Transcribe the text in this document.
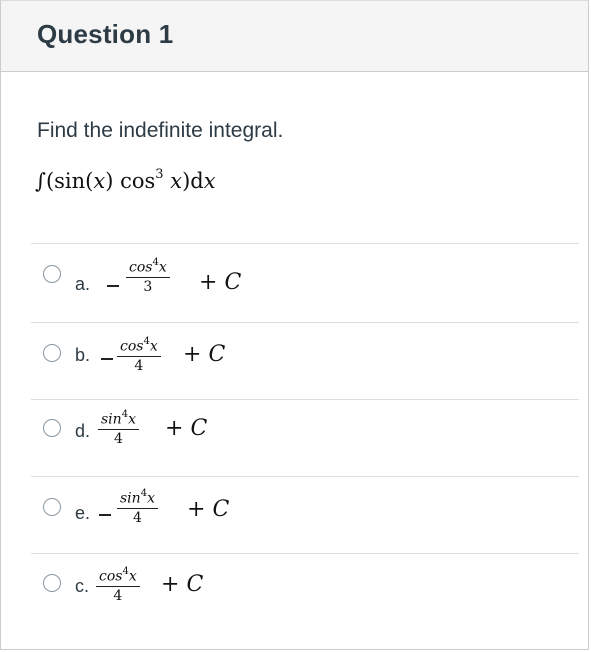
Question 1
Find the indefinite integral.
∫(sin(x) $\cos^3 x)dx$
a.
$\cos^4x$
3	+ C
b. $\cos^4x$
4	+ C
d.
$\sin^4x$
4	+ C
e.
$\sin^4x$
4	+ C
c. $\cos^4x$
4	+ C
